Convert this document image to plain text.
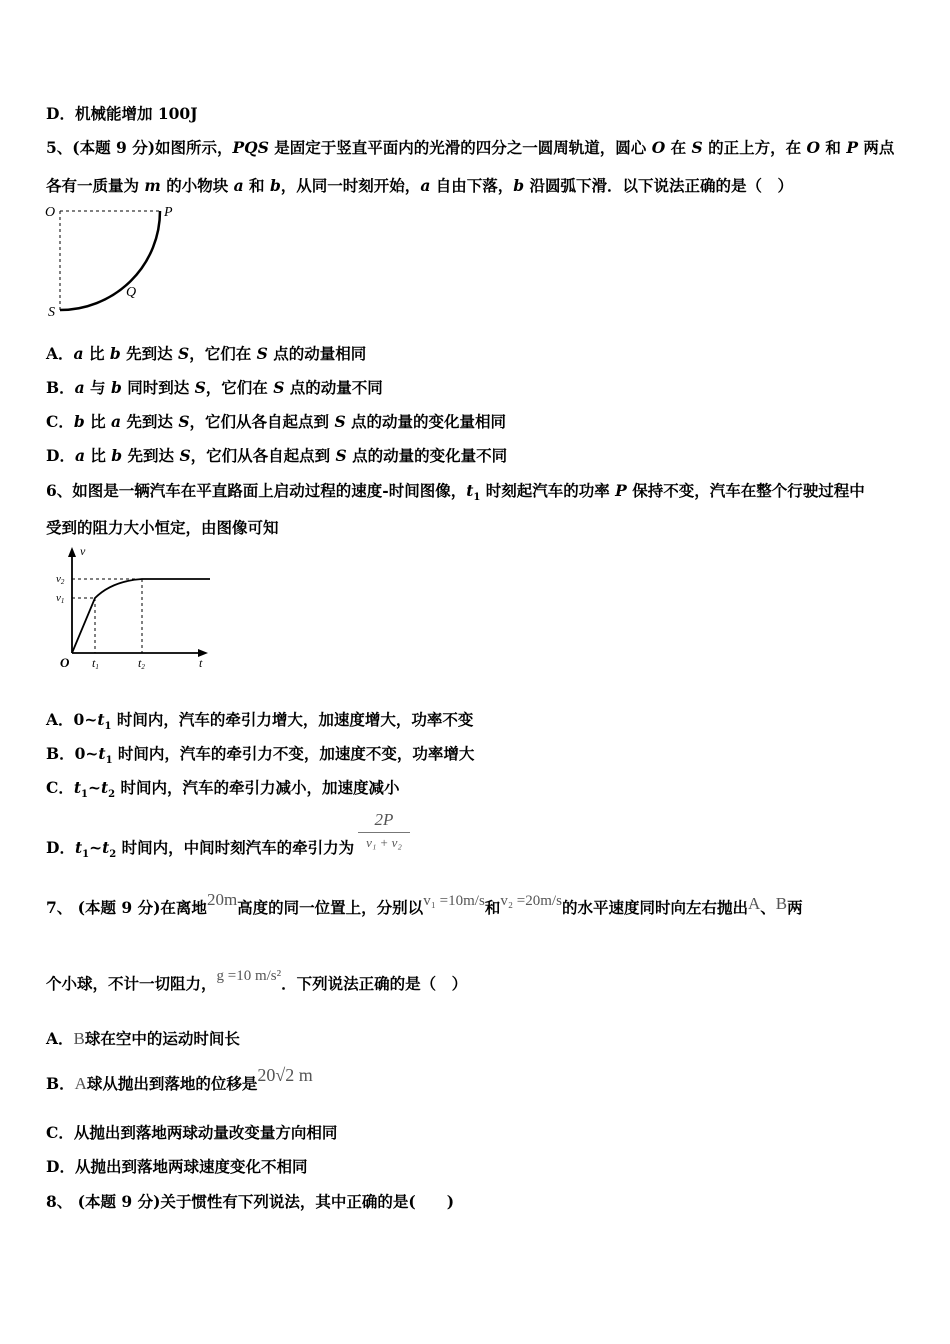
D．机械能增加 100J
5、(本题 9 分)如图所示，PQS 是固定于竖直平面内的光滑的四分之一圆周轨道，圆心 O 在 S 的正上方，在 O 和 P 两点
各有一质量为 m 的小物块 a 和 b，从同一时刻开始，a 自由下落，b 沿圆弧下滑．以下说法正确的是（　）
O	P
S
Q
A．a 比 b 先到达 S，它们在 S 点的动量相同
B．a 与 b 同时到达 S，它们在 S 点的动量不同
C．b 比 a 先到达 S，它们从各自起点到 S 点的动量的变化量相同
D．a 比 b 先到达 S，它们从各自起点到 S 点的动量的变化量不同
6、如图是一辆汽车在平直路面上启动过程的速度-时间图像，$t_1$ 时刻起汽车的功率 P 保持不变，汽车在整个行驶过程中
受到的阻力大小恒定，由图像可知
v
v2
v1
O t1	t2	t
A．$0\sim t_1$ 时间内，汽车的牵引力增大，加速度增大，功率不变
B．$0\sim t_1$ 时间内，汽车的牵引力不变，加速度不变，功率增大
C．$t_1\sim t_2$ 时间内，汽车的牵引力减小，加速度减小
D．$t_1\sim t_2$ 时间内，中间时刻汽车的牵引力为
2P
v₁ + v₂
7、 (本题 9 分)在离地20m高度的同一位置上，分别以v₁ =10m/s和v₂ =20m/s的水平速度同时向左右抛出A、B两
个小球，不计一切阻力，g =10 m/s²．下列说法正确的是（　）
A．B球在空中的运动时间长
B．A球从抛出到落地的位移是20√2 m
C．从抛出到落地两球动量改变量方向相同
D．从抛出到落地两球速度变化不相同
8、 (本题 9 分)关于惯性有下列说法，其中正确的是(　　)
